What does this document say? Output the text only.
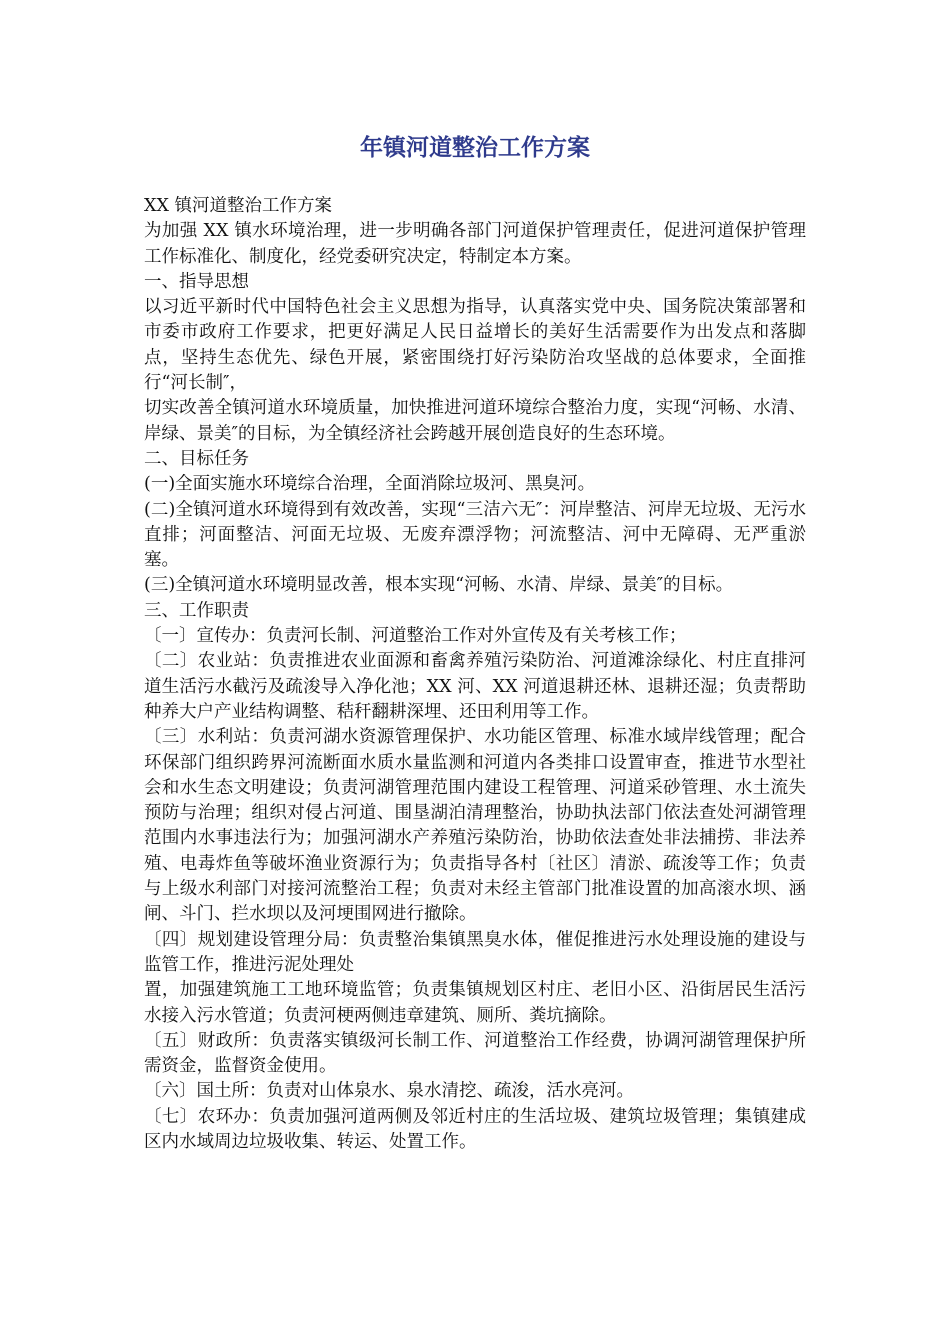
年镇河道整治工作方案

XX 镇河道整治工作方案

为加强 XX 镇水环境治理，进一步明确各部门河道保护管理责任，促进河道保护管理工作标准化、制度化，经党委研究决定，特制定本方案。

一、指导思想

以习近平新时代中国特色社会主义思想为指导，认真落实党中央、国务院决策部署和市委市政府工作要求，把更好满足人民日益增长的美好生活需要作为出发点和落脚点，坚持生态优先、绿色开展，紧密围绕打好污染防治攻坚战的总体要求，全面推行“河长制″，

切实改善全镇河道水环境质量，加快推进河道环境综合整治力度，实现“河畅、水清、岸绿、景美″的目标，为全镇经济社会跨越开展创造良好的生态环境。

二、目标任务

(一)全面实施水环境综合治理，全面消除垃圾河、黑臭河。

(二)全镇河道水环境得到有效改善，实现“三洁六无″：河岸整洁、河岸无垃圾、无污水直排；河面整洁、河面无垃圾、无废弃漂浮物；河流整洁、河中无障碍、无严重淤塞。

(三)全镇河道水环境明显改善，根本实现“河畅、水清、岸绿、景美″的目标。

三、工作职责

〔一〕宣传办：负责河长制、河道整治工作对外宣传及有关考核工作；

〔二〕农业站：负责推进农业面源和畜禽养殖污染防治、河道滩涂绿化、村庄直排河道生活污水截污及疏浚导入净化池；XX 河、XX 河道退耕还林、退耕还湿；负责帮助种养大户产业结构调整、秸秆翻耕深埋、还田利用等工作。

〔三〕水利站：负责河湖水资源管理保护、水功能区管理、标准水域岸线管理；配合环保部门组织跨界河流断面水质水量监测和河道内各类排口设置审查，推进节水型社会和水生态文明建设；负责河湖管理范围内建设工程管理、河道采砂管理、水土流失预防与治理；组织对侵占河道、围垦湖泊清理整治，协助执法部门依法查处河湖管理范围内水事违法行为；加强河湖水产养殖污染防治，协助依法查处非法捕捞、非法养殖、电毒炸鱼等破坏渔业资源行为；负责指导各村〔社区〕清淤、疏浚等工作；负责与上级水利部门对接河流整治工程；负责对未经主管部门批准设置的加高滚水坝、涵闸、斗门、拦水坝以及河埂围网进行撤除。

〔四〕规划建设管理分局：负责整治集镇黑臭水体，催促推进污水处理设施的建设与监管工作，推进污泥处理处

置，加强建筑施工工地环境监管；负责集镇规划区村庄、老旧小区、沿街居民生活污水接入污水管道；负责河梗两侧违章建筑、厕所、粪坑摘除。

〔五〕财政所：负责落实镇级河长制工作、河道整治工作经费，协调河湖管理保护所需资金，监督资金使用。

〔六〕国土所：负责对山体泉水、泉水清挖、疏浚，活水亮河。

〔七〕农环办：负责加强河道两侧及邻近村庄的生活垃圾、建筑垃圾管理；集镇建成区内水域周边垃圾收集、转运、处置工作。
